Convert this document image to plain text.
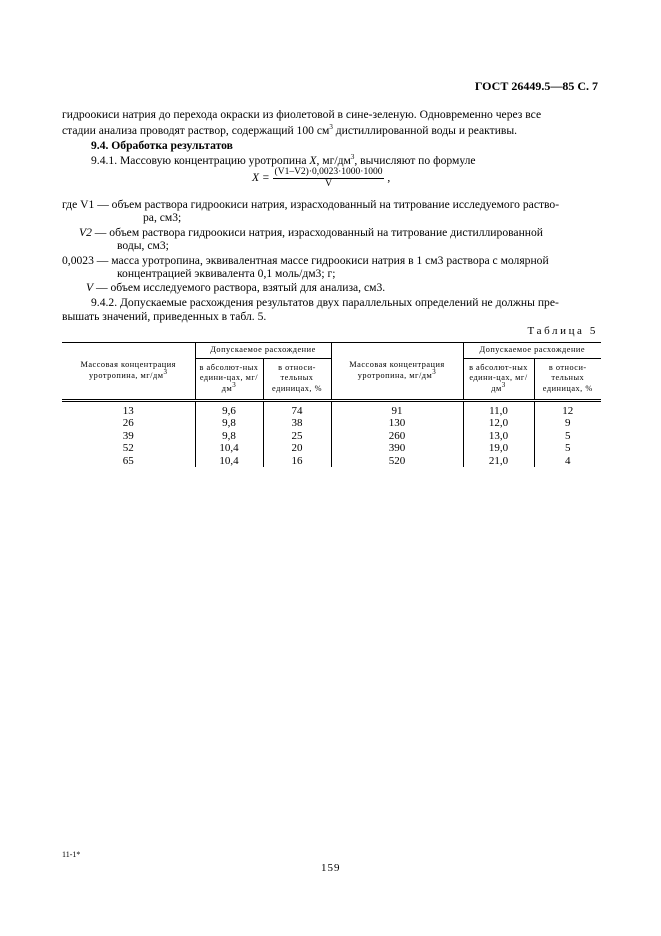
ГОСТ 26449.5—85 С. 7
гидроокиси натрия до перехода окраски из фиолетовой в сине-зеленую. Одновременно через все
стадии анализа проводят раствор, содержащий 100 $см^3$ дистиллированной воды и реактивы.
9.4. Обработка результатов
9.4.1. Массовую концентрацию уротропина X, $мг/дм^3$, вычисляют по формуле
$X = \frac{(V1-V2)\cdot 0,0023\cdot 1000\cdot 1000}{V}$ ,
где V1 — объем раствора гидроокиси натрия, израсходованный на титрование исследуемого раство-
ра, см3;
V2 — объем раствора гидроокиси натрия, израсходованный на титрование дистиллированной
воды, см3;
0,0023 — масса уротропина, эквивалентная массе гидроокиси натрия в 1 см3 раствора с молярной
концентрацией эквивалента 0,1 моль/дм3; г;
V — объем исследуемого раствора, взятый для анализа, см3.
9.4.2. Допускаемые расхождения результатов двух параллельных определений не должны пре-
вышать значений, приведенных в табл. 5.
Таблица 5
Массовая концентрация уротропина, $мг/дм^3$	Допускаемое расхождение		Массовая концентрация уротропина, $мг/дм^3$	Допускаемое расхождение	
	в абсолют-ных едини-цах, $мг/дм^3$	в относи-тельных единицах, %		в абсолют-ных едини-цах, $мг/дм^3$	в относи-тельных единицах, %
13	9,6	74	91	11,0	12
26	9,8	38	130	12,0	9
39	9,8	25	260	13,0	5
52	10,4	20	390	19,0	5
65	10,4	16	520	21,0	4
11-1*
159
